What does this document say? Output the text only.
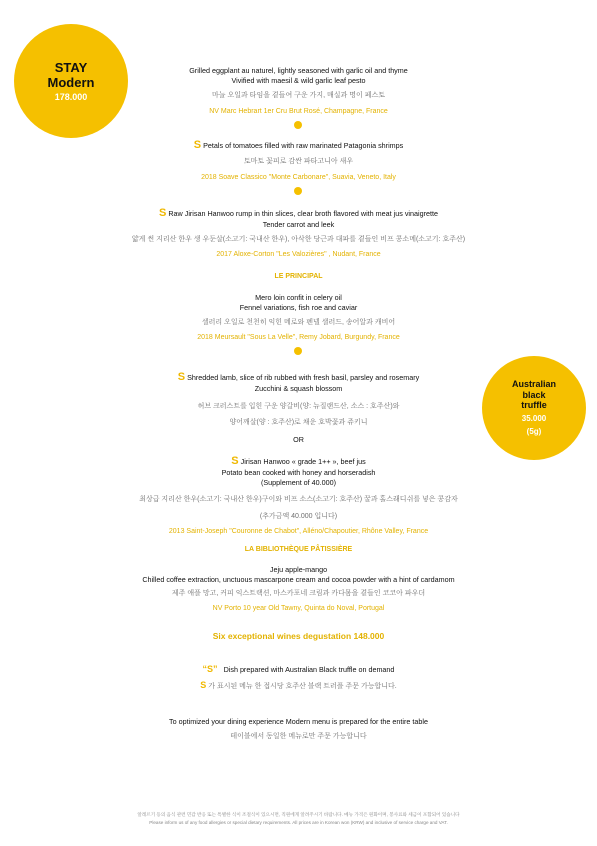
STAY
Modern
178.000
Australian
black
truffle
35.000
(5g)
Grilled eggplant au naturel, lightly seasoned with garlic oil and thyme
Vivified with maesil & wild garlic leaf pesto
마늘 오일과 타임을 곁들여 구운 가지, 매실과 명이 페스토
NV Marc Hebrart 1er Cru Brut Rosé, Champagne, France
S Petals of tomatoes filled with raw marinated Patagonia shrimps
토마토 꽃피로 감싼 파타고니아 새우
2018 Soave Classico "Monte Carbonare", Suavia, Veneto, Italy
S Raw Jirisan Hanwoo rump in thin slices, clear broth flavored with meat jus vinaigrette
Tender carrot and leek
얇게 썬 지리산 한우 생 우둔살(소고기: 국내산 한우), 아삭한 당근과 대파를 곁들인 비프 콩소메(소고기: 호주산)
2017 Aloxe-Corton "Les Valozières" , Nudant, France
LE PRINCIPAL
Mero loin confit in celery oil
Fennel variations, fish roe and caviar
셀러리 오일로 천천히 익힌 메로와 펜넬 샐러드, 송어알과 캐비어
2018 Meursault "Sous La Velle", Remy Jobard, Burgundy, France
S Shredded lamb, slice of rib rubbed with fresh basil, parsley and rosemary
Zucchini & squash blossom
허브 크러스트를 입힌 구운 양갈비(양: 뉴질랜드산, 소스 : 호주산)와
양어깨살(양 : 호주산)로 채운 호박꽃과 쥬키니
OR
S Jirisan Hanwoo « grade 1++ », beef jus
Potato bean cooked with honey and horseradish
(Supplement of 40.000)
최상급 지리산 한우(소고기: 국내산 한우)구이와 비프 소스(소고기: 호주산) 꿀과 홀스래디쉬를 넣은 콩감자
(추가금액 40.000 입니다)
2013 Saint-Joseph "Couronne de Chabot", Alléno/Chapoutier, Rhône Valley, France
LA BIBLIOTHÈQUE PÂTISSIÈRE
Jeju apple-mango
Chilled coffee extraction, unctuous mascarpone cream and cocoa powder with a hint of cardamom
제주 애플 망고, 커피 익스트랙션, 마스카포네 크림과 카다몸을 곁들인 코코아 파우더
NV Porto 10 year Old Tawny, Quinta do Noval, Portugal
Six exceptional wines degustation 148.000
“S” Dish prepared with Australian Black truffle on demand
S 가 표시된 메뉴 한 접시당 호주산 블랙 트러플 주문 가능합니다.
To optimized your dining experience Modern menu is prepared for the entire table
테이블에서 동일한 메뉴로만 주문 가능합니다
알레르기 등의 음식 관련 민감 반응 또는 특별한 식이 조절식이 있으시면, 직원에게 알려주시기 바랍니다. 메뉴 가격은 원화이며, 봉사료와 세금이 포함되어 있습니다
Please inform us of any food allergies or special dietary requirements. All prices are in Korean won (KRW) and inclusive of service charge and VAT.
